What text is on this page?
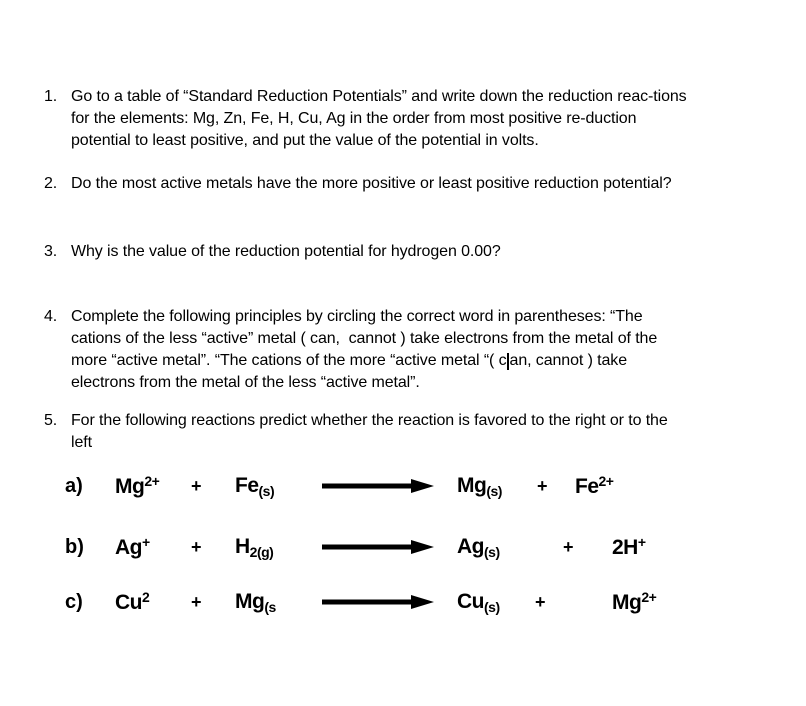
1. Go to a table of “Standard Reduction Potentials” and write down the reduction reac-tions
for the elements: Mg, Zn, Fe, H, Cu, Ag in the order from most positive re-duction
potential to least positive, and put the value of the potential in volts.
2. Do the most active metals have the more positive or least positive reduction potential?
3. Why is the value of the reduction potential for hydrogen 0.00?
4. Complete the following principles by circling the correct word in parentheses: “The
cations of the less “active” metal ( can,  cannot ) take electrons from the metal of the
more “active metal”. “The cations of the more “active metal “( c an, cannot ) take
electrons from the metal of the less “active metal”.
5. For the following reactions predict whether the reaction is favored to the right or to the
left
a)	$Mg^{2+}$	+	$Fe_{(s)}$	$Mg_{(s)}$	+	$Fe^{2+}$
b)	Ag+	+	$H_{2(g)}$	$Ag_{(s)}$	+	2H+
c)	$Cu^2$	+	$Mg_{(s}$	$Cu_{(s)}$	+	$Mg^{2+}$
